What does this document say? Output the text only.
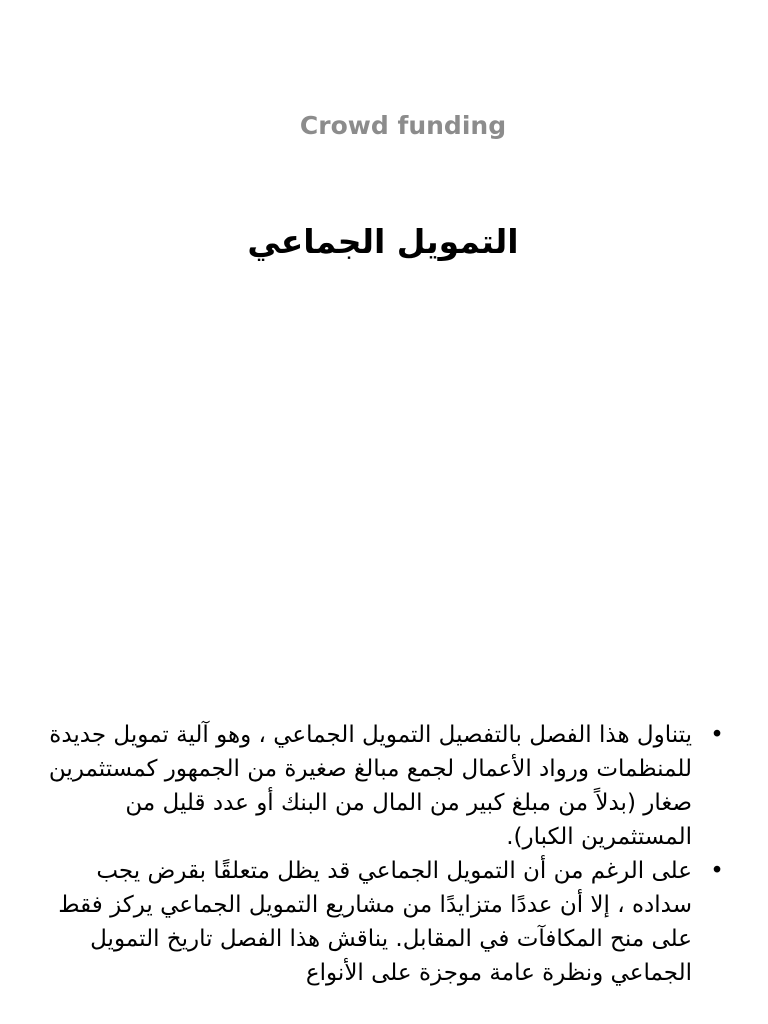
Crowd funding

التمويل الجماعي
•
يتناول هذا الفصل بالتفصيل التمويل الجماعي ، وهو آلية تمويل جديدة للمنظمات ورواد الأعمال لجمع مبالغ صغيرة من الجمهور كمستثمرين صغار (بدلاً من مبلغ كبير من المال من البنك أو عدد قليل من المستثمرين الكبار).
•
على الرغم من أن التمويل الجماعي قد يظل متعلقًا بقرض يجب سداده ، إلا أن عددًا متزايدًا من مشاريع التمويل الجماعي يركز فقط على منح المكافآت في المقابل. يناقش هذا الفصل تاريخ التمويل الجماعي ونظرة عامة موجزة على الأنواع
